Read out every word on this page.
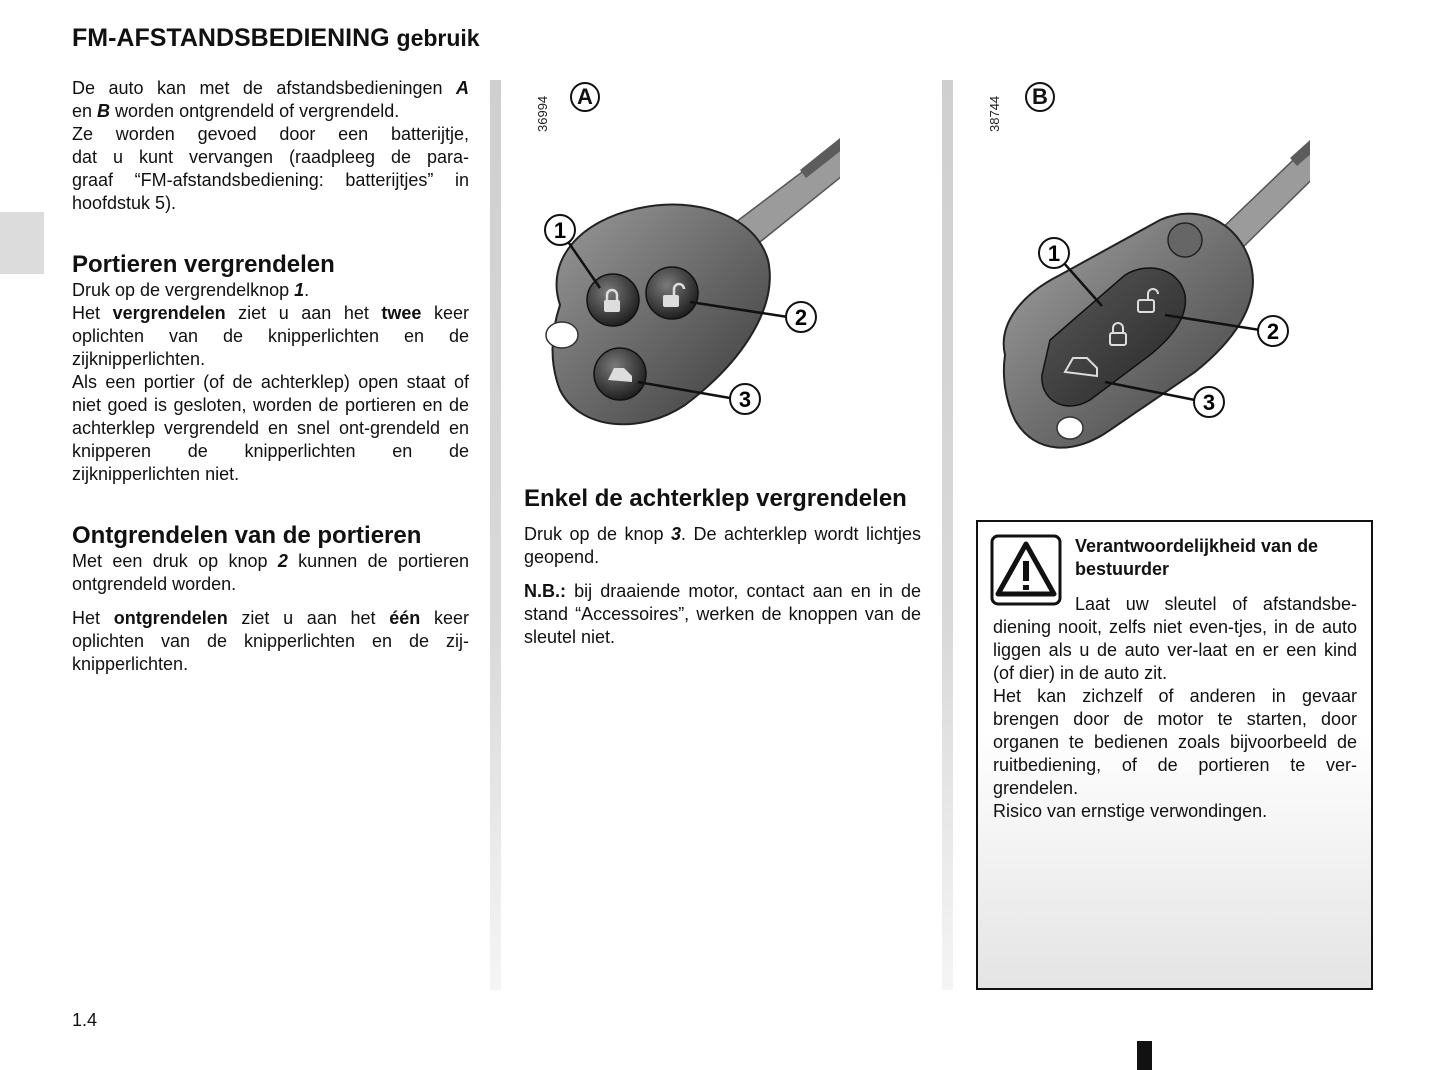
FM-AFSTANDSBEDIENING gebruik

De auto kan met de afstandsbedieningen A

en B worden ontgrendeld of vergrendeld.

Ze worden gevoed door een batterijtje,

dat u kunt vervangen (raadpleeg de para-

graaf “FM-afstandsbediening: batterijtjes” in

hoofdstuk 5).

Portieren vergrendelen

Druk op de vergrendelknop 1.

Het vergrendelen ziet u aan het twee keer oplichten van de knipperlichten en de zijknipperlichten.

Als een portier (of de achterklep) open staat of niet goed is gesloten, worden de portieren en de achterklep vergrendeld en snel ont-grendeld en knipperen de knipperlichten en de zijknipperlichten niet.

Ontgrendelen van de portieren

Met een druk op knop 2 kunnen de portieren ontgrendeld worden.

Het ontgrendelen ziet u aan het één keer oplichten van de knipperlichten en de zij-knipperlichten.

36994	A
1
2
3
38744	B
1
2
3

Enkel de achterklep vergrendelen

Druk op de knop 3. De achterklep wordt lichtjes geopend.

N.B.: bij draaiende motor, contact aan en in de stand “Accessoires”, werken de knoppen van de sleutel niet.

Verantwoordelijkheid van de bestuurder

Laat uw sleutel of afstandsbe-diening nooit, zelfs niet even-tjes, in de auto liggen als u de auto ver-laat en er een kind (of dier) in de auto zit.

Het kan zichzelf of anderen in gevaar brengen door de motor te starten, door organen te bedienen zoals bijvoorbeeld de ruitbediening, of de portieren te ver-grendelen.

Risico van ernstige verwondingen.

1.4
